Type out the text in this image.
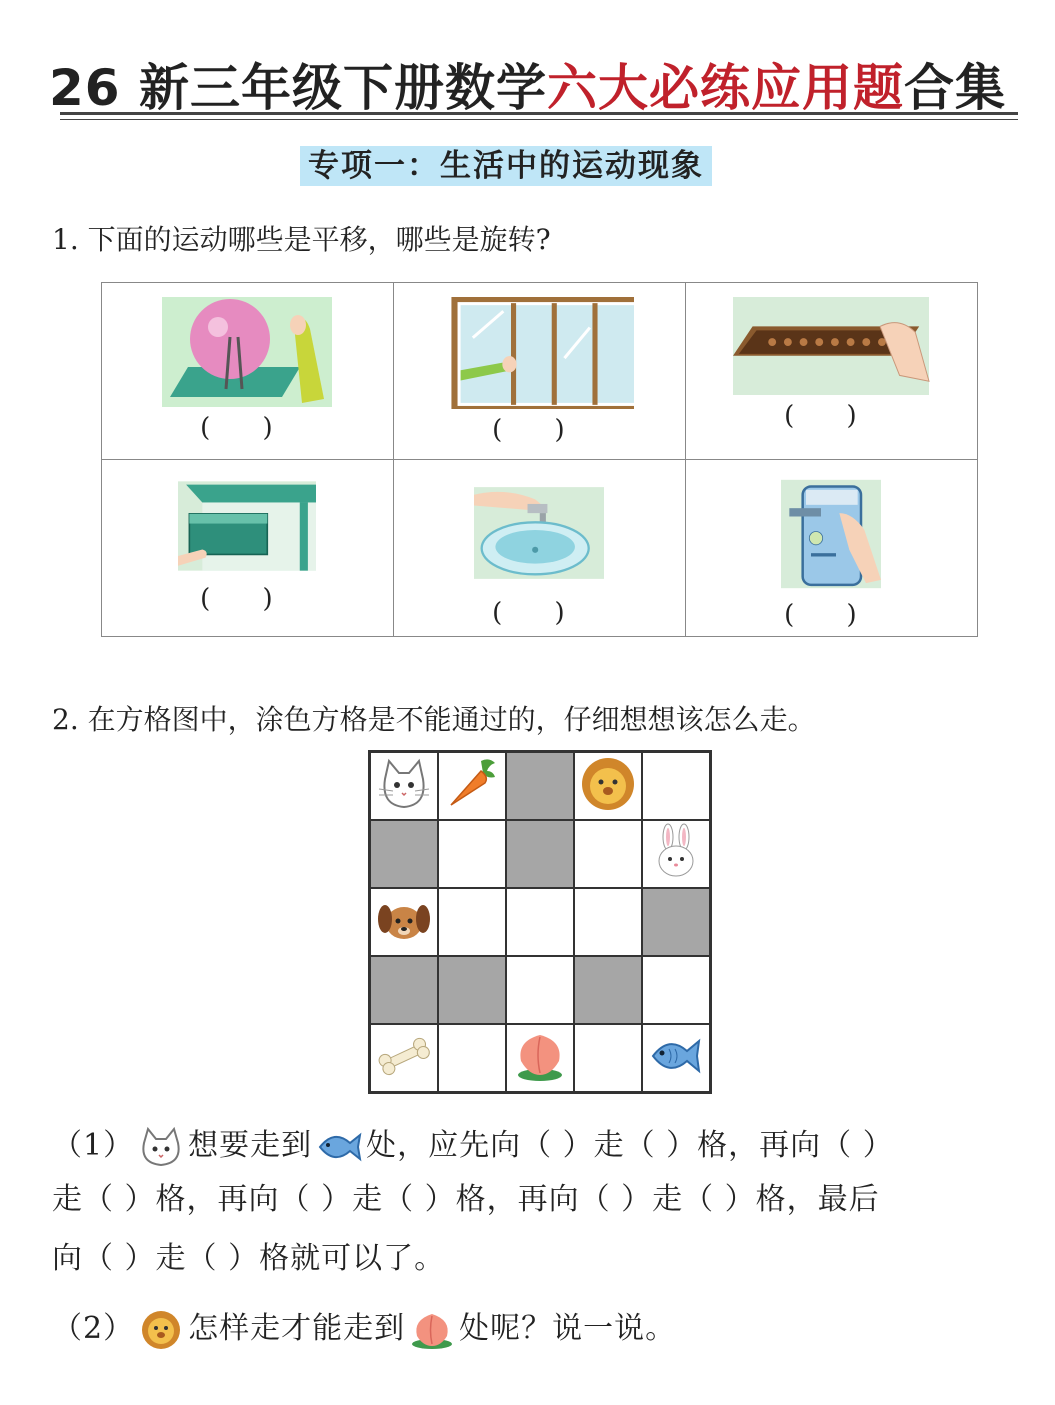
26 新三年级下册数学六大必练应用题合集
专项一：生活中的运动现象
1. 下面的运动哪些是平移，哪些是旋转?
( )	( )	( )

( )	( )	( )
2. 在方格图中，涂色方格是不能通过的，仔细想想该怎么走。
（1） 想要走到 处，应先向（ ）走（ ）格，再向（ ）
走（ ）格，再向（ ）走（ ）格，再向（ ）走（ ）格，最后
向（ ）走（ ）格就可以了。
（2） 怎样走才能走到 处呢？说一说。
